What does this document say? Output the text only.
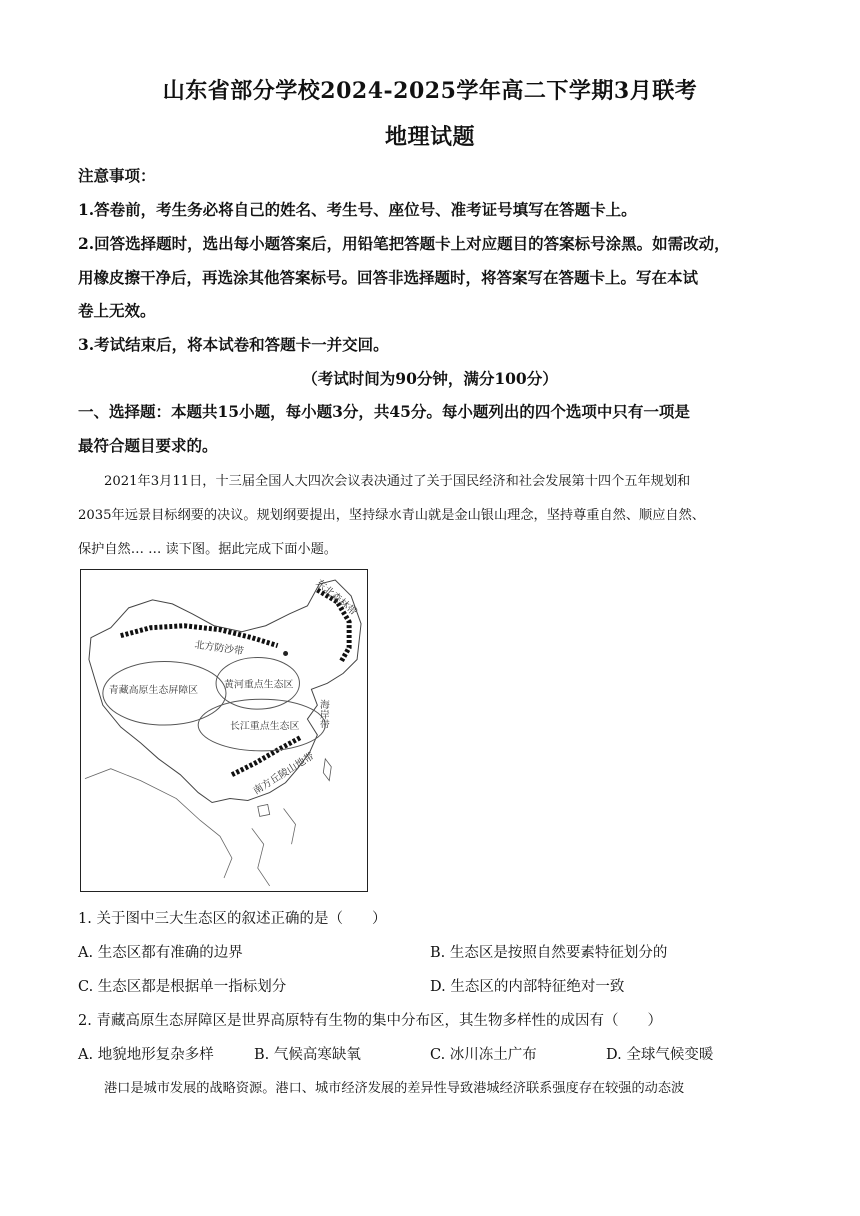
山东省部分学校2024-2025学年高二下学期3月联考
地理试题
注意事项：
1.答卷前，考生务必将自己的姓名、考生号、座位号、准考证号填写在答题卡上。
2.回答选择题时，选出每小题答案后，用铅笔把答题卡上对应题目的答案标号涂黑。如需改动，
用橡皮擦干净后，再选涂其他答案标号。回答非选择题时，将答案写在答题卡上。写在本试
卷上无效。
3.考试结束后，将本试卷和答题卡一并交回。
（考试时间为90分钟，满分100分）
一、选择题：本题共15小题，每小题3分，共45分。每小题列出的四个选项中只有一项是
最符合题目要求的。
2021年3月11日，十三届全国人大四次会议表决通过了关于国民经济和社会发展第十四个五年规划和
2035年远景目标纲要的决议。规划纲要提出，坚持绿水青山就是金山银山理念，坚持尊重自然、顺应自然、
保护自然… … 读下图。据此完成下面小题。
东北森林带
北方防沙带
青藏高原生态屏障区
黄河重点生态区
长江重点生态区 海岸带
南方丘陵山地带
1. 关于图中三大生态区的叙述正确的是（　　）
A. 生态区都有准确的边界	B. 生态区是按照自然要素特征划分的
C. 生态区都是根据单一指标划分	D. 生态区的内部特征绝对一致
2. 青藏高原生态屏障区是世界高原特有生物的集中分布区，其生物多样性的成因有（　　）
A. 地貌地形复杂多样	B. 气候高寒缺氧	C. 冰川冻土广布	D. 全球气候变暖
港口是城市发展的战略资源。港口、城市经济发展的差异性导致港城经济联系强度存在较强的动态波
